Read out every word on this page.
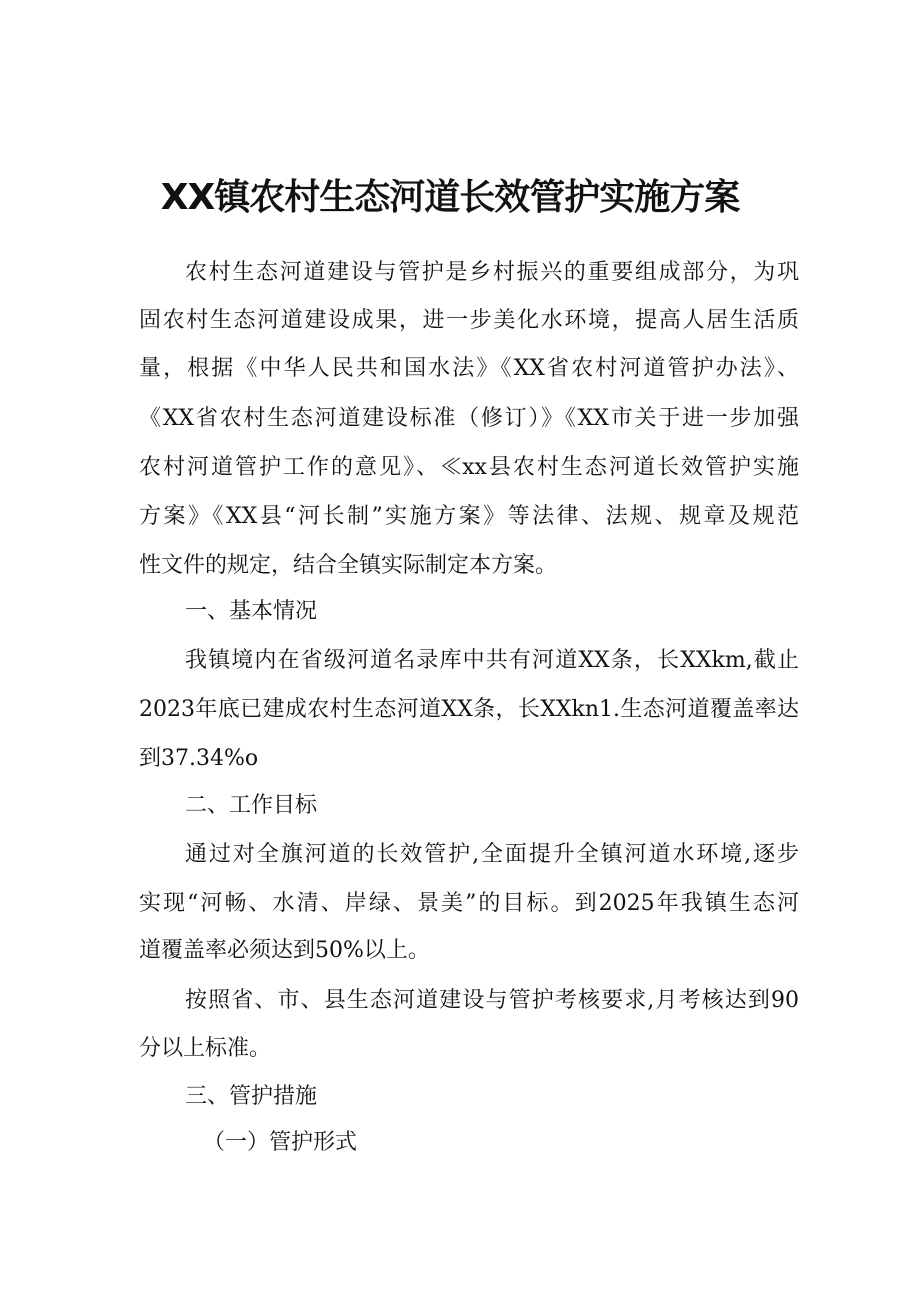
XX镇农村生态河道长效管护实施方案

农村生态河道建设与管护是乡村振兴的重要组成部分，为巩

固农村生态河道建设成果，进一步美化水环境，提高人居生活质

量，根据《中华人民共和国水法》《XX省农村河道管护办法》、

《XX省农村生态河道建设标准（修订）》《XX市关于进一步加强

农村河道管护工作的意见》、≪xx县农村生态河道长效管护实施

方案》《XX县“河长制”实施方案》等法律、法规、规章及规范

性文件的规定，结合全镇实际制定本方案。

一、基本情况

我镇境内在省级河道名录库中共有河道XX条，长XXkm,截止

2023年底已建成农村生态河道XX条，长XXkn1.生态河道覆盖率达

到37.34%o

二、工作目标

通过对全旗河道的长效管护,全面提升全镇河道水环境,逐步

实现“河畅、水清、岸绿、景美”的目标。到2025年我镇生态河

道覆盖率必须达到50%以上。

按照省、市、县生态河道建设与管护考核要求,月考核达到90

分以上标准。

三、管护措施

（一）管护形式
